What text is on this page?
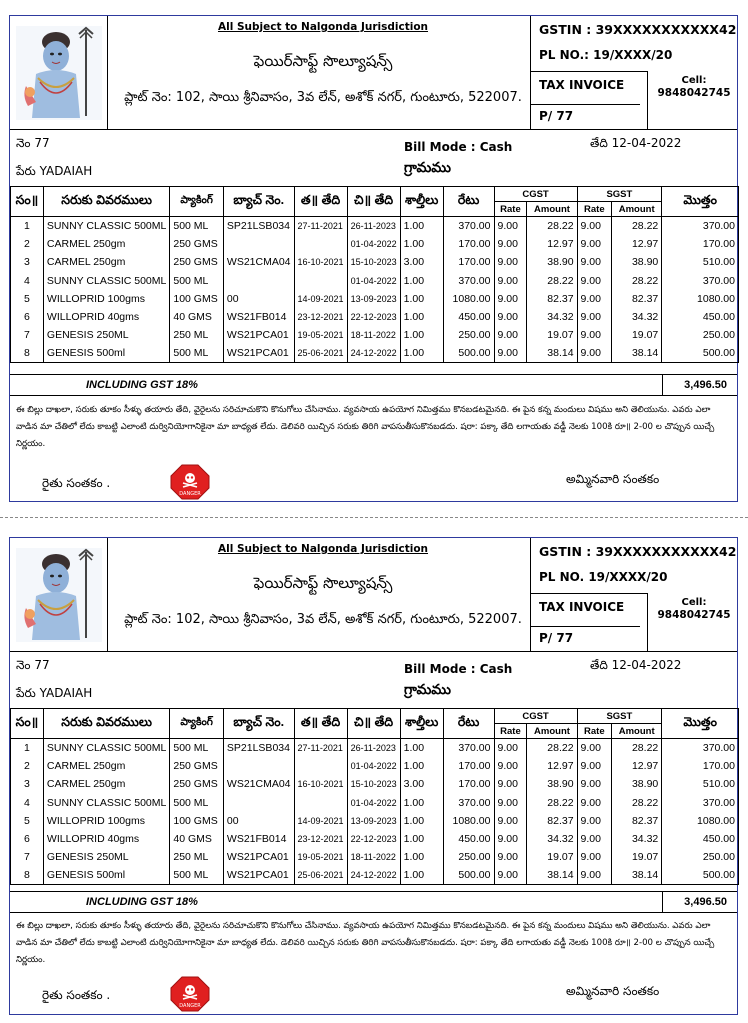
All Subject to Nalgonda Jurisdiction
ఫెయిర్‌సాఫ్ట్ సొల్యూషన్స్
ప్లాట్ నెం: 102, సాయి శ్రీనివాసం, 3వ లేన్, అశోక్ నగర్, గుంటూరు, 522007.
GSTIN : 39XXXXXXXXXXX42
PL NO.: 19/XXXX/20
TAX INVOICE
P/ 77
Cell:
9848042745
నెం 77	Bill Mode : Cash	తేది 12-04-2022
పేరు YADAIAH	గ్రామము
సం॥	సరుకు వివరములు	ప్యాకింగ్	బ్యాచ్ నెం.	త॥ తేది	చి॥ తేది	శాల్తీలు	రేటు	CGST		SGST		మొత్తం
								Rate	Amount	Rate	Amount	
1	SUNNY CLASSIC 500ML	500 ML	SP21LSB034	27-11-2021	26-11-2023	1.00	370.00	9.00	28.22	9.00	28.22	370.00
2	CARMEL 250gm	250 GMS			01-04-2022	1.00	170.00	9.00	12.97	9.00	12.97	170.00
3	CARMEL 250gm	250 GMS	WS21CMA04	16-10-2021	15-10-2023	3.00	170.00	9.00	38.90	9.00	38.90	510.00
4	SUNNY CLASSIC 500ML	500 ML			01-04-2022	1.00	370.00	9.00	28.22	9.00	28.22	370.00
5	WILLOPRID 100gms	100 GMS	00	14-09-2021	13-09-2023	1.00	1080.00	9.00	82.37	9.00	82.37	1080.00
6	WILLOPRID 40gms	40 GMS	WS21FB014	23-12-2021	22-12-2023	1.00	450.00	9.00	34.32	9.00	34.32	450.00
7	GENESIS 250ML	250 ML	WS21PCA01	19-05-2021	18-11-2022	1.00	250.00	9.00	19.07	9.00	19.07	250.00
8	GENESIS 500ml	500 ML	WS21PCA01	25-06-2021	24-12-2022	1.00	500.00	9.00	38.14	9.00	38.14	500.00
INCLUDING GST 18%	3,496.50
ఈ బిల్లు దాఖలా, సరుకు తూకం సీళ్ళు తయారు తేది, వైరైలను సరిచూచుకొని కొనుగోలు చేసినాము. వ్యవసాయ ఉపయోగ నిమిత్తము కొనబడటమైనది. ఈ పైన కన్న మందులు విషము అని తెలియును. ఎవరు ఎలా వాడిన మా చేతిలో లేదు కాబట్టి ఎలాంటి దుర్వినియోగానికైనా మా బాధ్యత లేదు. డెలివరి యిచ్చిన సరుకు తిరిగి వాపసుతీసుకొనబడదు. షరా: పక్కా తేది లగాయతు వడ్డీ నెలకు 100కి రూ॥ 2-00 ల చొప్పున యిచ్చే నిర్ణయం.
రైతు సంతకం .
DANGER
అమ్మినవారి సంతకం
All Subject to Nalgonda Jurisdiction
ఫెయిర్‌సాఫ్ట్ సొల్యూషన్స్
ప్లాట్ నెం: 102, సాయి శ్రీనివాసం, 3వ లేన్, అశోక్ నగర్, గుంటూరు, 522007.
GSTIN : 39XXXXXXXXXXX42
PL NO. 19/XXXX/20
TAX INVOICE
P/ 77
Cell:
9848042745
నెం 77	Bill Mode : Cash	తేది 12-04-2022
పేరు YADAIAH	గ్రామము
సం॥	సరుకు వివరములు	ప్యాకింగ్	బ్యాచ్ నెం.	త॥ తేది	చి॥ తేది	శాల్తీలు	రేటు	CGST		SGST		మొత్తం
								Rate	Amount	Rate	Amount	
1	SUNNY CLASSIC 500ML	500 ML	SP21LSB034	27-11-2021	26-11-2023	1.00	370.00	9.00	28.22	9.00	28.22	370.00
2	CARMEL 250gm	250 GMS			01-04-2022	1.00	170.00	9.00	12.97	9.00	12.97	170.00
3	CARMEL 250gm	250 GMS	WS21CMA04	16-10-2021	15-10-2023	3.00	170.00	9.00	38.90	9.00	38.90	510.00
4	SUNNY CLASSIC 500ML	500 ML			01-04-2022	1.00	370.00	9.00	28.22	9.00	28.22	370.00
5	WILLOPRID 100gms	100 GMS	00	14-09-2021	13-09-2023	1.00	1080.00	9.00	82.37	9.00	82.37	1080.00
6	WILLOPRID 40gms	40 GMS	WS21FB014	23-12-2021	22-12-2023	1.00	450.00	9.00	34.32	9.00	34.32	450.00
7	GENESIS 250ML	250 ML	WS21PCA01	19-05-2021	18-11-2022	1.00	250.00	9.00	19.07	9.00	19.07	250.00
8	GENESIS 500ml	500 ML	WS21PCA01	25-06-2021	24-12-2022	1.00	500.00	9.00	38.14	9.00	38.14	500.00
INCLUDING GST 18%	3,496.50
ఈ బిల్లు దాఖలా, సరుకు తూకం సీళ్ళు తయారు తేది, వైరైలను సరిచూచుకొని కొనుగోలు చేసినాము. వ్యవసాయ ఉపయోగ నిమిత్తము కొనబడటమైనది. ఈ పైన కన్న మందులు విషము అని తెలియును. ఎవరు ఎలా వాడిన మా చేతిలో లేదు కాబట్టి ఎలాంటి దుర్వినియోగానికైనా మా బాధ్యత లేదు. డెలివరి యిచ్చిన సరుకు తిరిగి వాపసుతీసుకొనబడదు. షరా: పక్కా తేది లగాయతు వడ్డీ నెలకు 100కి రూ॥ 2-00 ల చొప్పున యిచ్చే నిర్ణయం.
రైతు సంతకం .
DANGER
అమ్మినవారి సంతకం
